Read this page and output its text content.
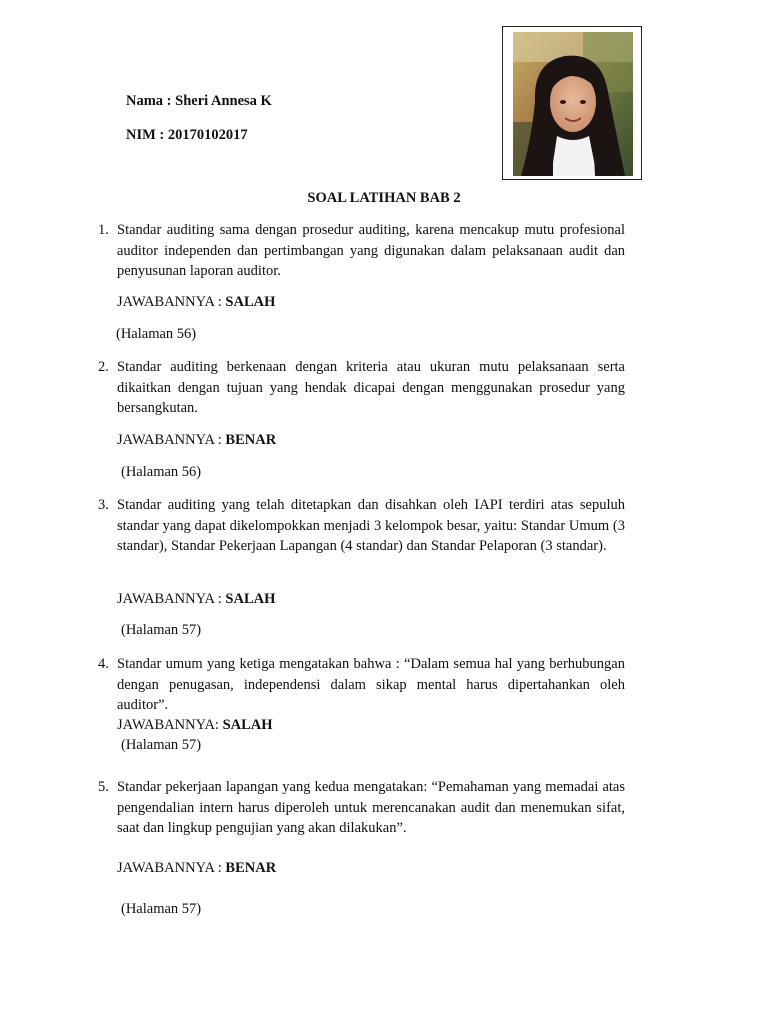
Nama : Sheri Annesa K
NIM : 20170102017
SOAL LATIHAN BAB 2
1. Standar auditing sama dengan prosedur auditing, karena mencakup mutu profesional auditor independen dan pertimbangan yang digunakan dalam pelaksanaan audit dan penyusunan laporan auditor.
JAWABANNYA : SALAH
(Halaman 56)
2. Standar auditing berkenaan dengan kriteria atau ukuran mutu pelaksanaan serta dikaitkan dengan tujuan yang hendak dicapai dengan menggunakan prosedur yang bersangkutan.
JAWABANNYA : BENAR
(Halaman 56)
3. Standar auditing yang telah ditetapkan dan disahkan oleh IAPI terdiri atas sepuluh standar yang dapat dikelompokkan menjadi 3 kelompok besar, yaitu: Standar Umum (3 standar), Standar Pekerjaan Lapangan (4 standar) dan Standar Pelaporan (3 standar).
JAWABANNYA : SALAH
(Halaman 57)
4. Standar umum yang ketiga mengatakan bahwa : “Dalam semua hal yang berhubungan dengan penugasan, independensi dalam sikap mental harus dipertahankan oleh auditor”.
JAWABANNYA: SALAH
(Halaman 57)
5. Standar pekerjaan lapangan yang kedua mengatakan: “Pemahaman yang memadai atas pengendalian intern harus diperoleh untuk merencanakan audit dan menemukan sifat, saat dan lingkup pengujian yang akan dilakukan”.
JAWABANNYA : BENAR
(Halaman 57)
